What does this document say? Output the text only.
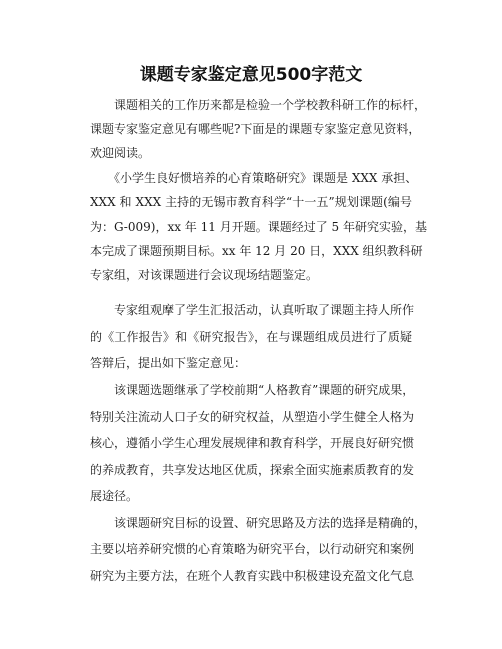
课题专家鉴定意见500字范文

　　课题相关的工作历来都是检验一个学校教科研工作的标杆，

课题专家鉴定意见有哪些呢?下面是的课题专家鉴定意见资料，

欢迎阅读。

　　《小学生良好惯培养的心育策略研究》课题是 XXX 承担、

XXX 和 XXX 主持的无锡市教育科学“十一五”规划课题(编号

为：G-009)，xx 年 11 月开题。课题经过了 5 年研究实验，基

本完成了课题预期目标。xx 年 12 月 20 日，XXX 组织教科研

专家组，对该课题进行会议现场结题鉴定。

　　专家组观摩了学生汇报活动，认真听取了课题主持人所作

的《工作报告》和《研究报告》，在与课题组成员进行了质疑

答辩后，提出如下鉴定意见：

　　该课题选题继承了学校前期“人格教育”课题的研究成果，

特别关注流动人口子女的研究权益，从塑造小学生健全人格为

核心，遵循小学生心理发展规律和教育科学，开展良好研究惯

的养成教育，共享发达地区优质，探索全面实施素质教育的发

展途径。

　　该课题研究目标的设置、研究思路及方法的选择是精确的，

主要以培养研究惯的心育策略为研究平台，以行动研究和案例

研究为主要方法，在班个人教育实践中积极建设充盈文化气息
